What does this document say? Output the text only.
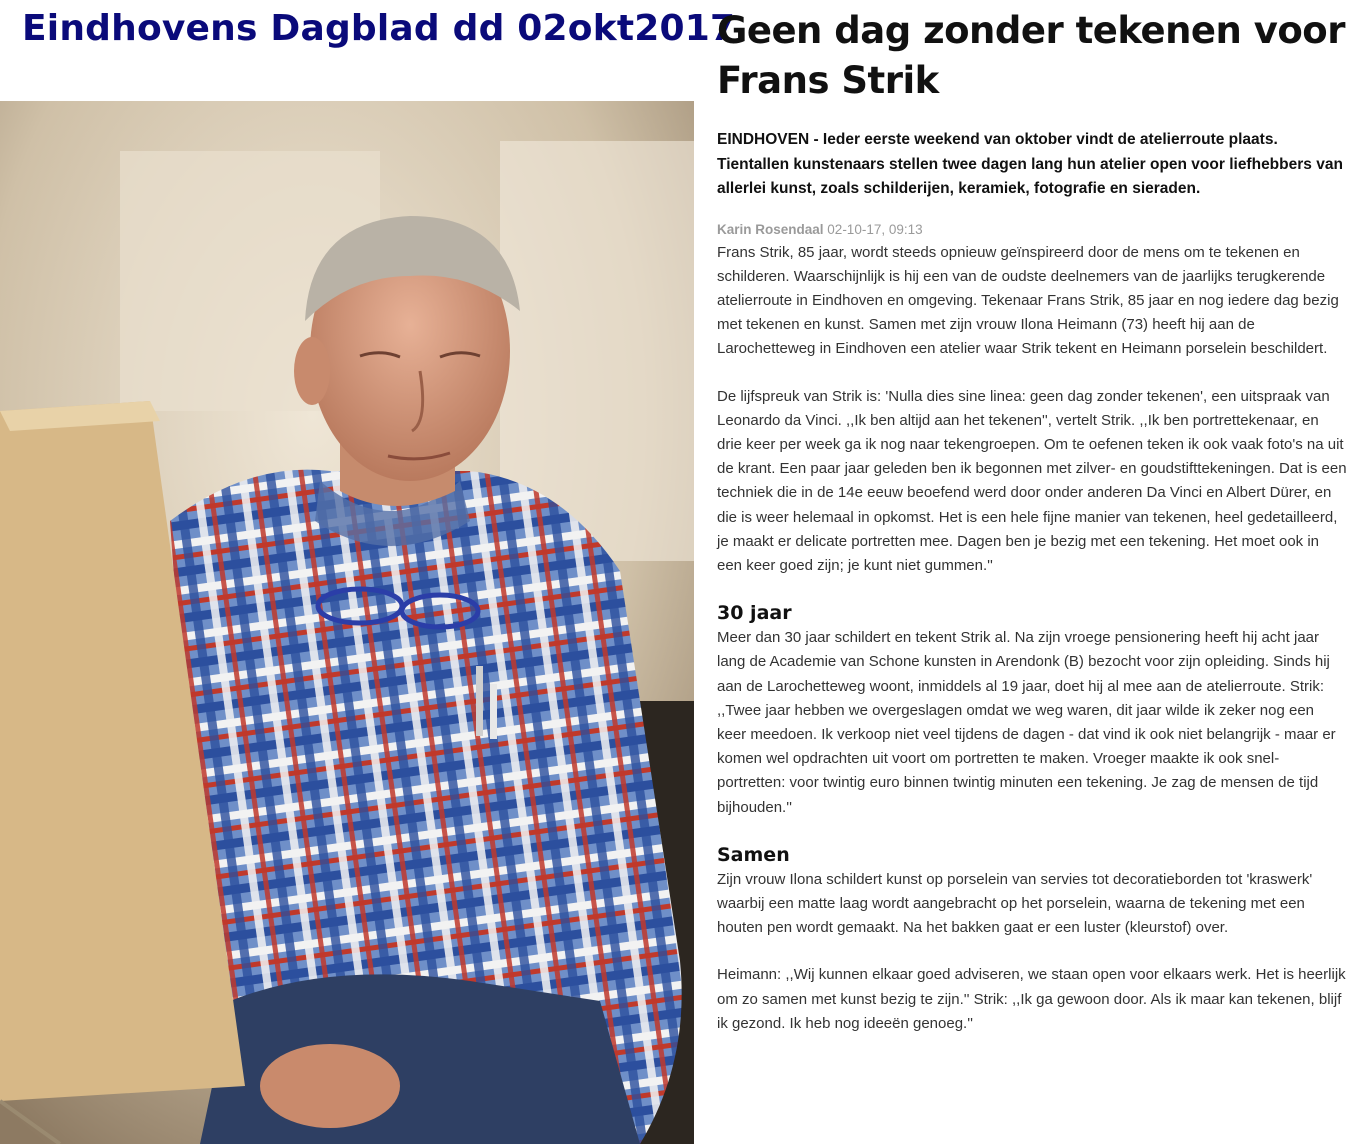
Eindhovens Dagblad dd 02okt2017
Geen dag zonder tekenen voor Frans Strik

EINDHOVEN - Ieder eerste weekend van oktober vindt de atelierroute plaats. Tientallen kunstenaars stellen twee dagen lang hun atelier open voor liefhebbers van allerlei kunst, zoals schilderijen, keramiek, fotografie en sieraden.

Karin Rosendaal 02-10-17, 09:13

Frans Strik, 85 jaar, wordt steeds opnieuw geïnspireerd door de mens om te tekenen en schilderen. Waarschijnlijk is hij een van de oudste deelnemers van de jaarlijks terugkerende atelierroute in Eindhoven en omgeving. Tekenaar Frans Strik, 85 jaar en nog iedere dag bezig met tekenen en kunst. Samen met zijn vrouw Ilona Heimann (73) heeft hij aan de Larochetteweg in Eindhoven een atelier waar Strik tekent en Heimann porselein beschildert.

De lijfspreuk van Strik is: 'Nulla dies sine linea: geen dag zonder tekenen', een uitspraak van Leonardo da Vinci. ,,Ik ben altijd aan het tekenen'', vertelt Strik. ,,Ik ben portrettekenaar, en drie keer per week ga ik nog naar tekengroepen. Om te oefenen teken ik ook vaak foto's na uit de krant. Een paar jaar geleden ben ik begonnen met zilver- en goudstifttekeningen. Dat is een techniek die in de 14e eeuw beoefend werd door onder anderen Da Vinci en Albert Dürer, en die is weer helemaal in opkomst. Het is een hele fijne manier van tekenen, heel gedetailleerd, je maakt er delicate portretten mee. Dagen ben je bezig met een tekening. Het moet ook in een keer goed zijn; je kunt niet gummen.''

30 jaar

Meer dan 30 jaar schildert en tekent Strik al. Na zijn vroege pensionering heeft hij acht jaar lang de Academie van Schone kunsten in Arendonk (B) bezocht voor zijn opleiding. Sinds hij aan de Larochetteweg woont, inmiddels al 19 jaar, doet hij al mee aan de atelierroute. Strik: ,,Twee jaar hebben we overgeslagen omdat we weg waren, dit jaar wilde ik zeker nog een keer meedoen. Ik verkoop niet veel tijdens de dagen - dat vind ik ook niet belangrijk - maar er komen wel opdrachten uit voort om portretten te maken. Vroeger maakte ik ook snel-portretten: voor twintig euro binnen twintig minuten een tekening. Je zag de mensen de tijd bijhouden.''

Samen

Zijn vrouw Ilona schildert kunst op porselein van servies tot decoratieborden tot 'kraswerk' waarbij een matte laag wordt aangebracht op het porselein, waarna de tekening met een houten pen wordt gemaakt. Na het bakken gaat er een luster (kleurstof) over.

Heimann: ,,Wij kunnen elkaar goed adviseren, we staan open voor elkaars werk. Het is heerlijk om zo samen met kunst bezig te zijn.'' Strik: ,,Ik ga gewoon door. Als ik maar kan tekenen, blijf ik gezond. Ik heb nog ideeën genoeg.''
